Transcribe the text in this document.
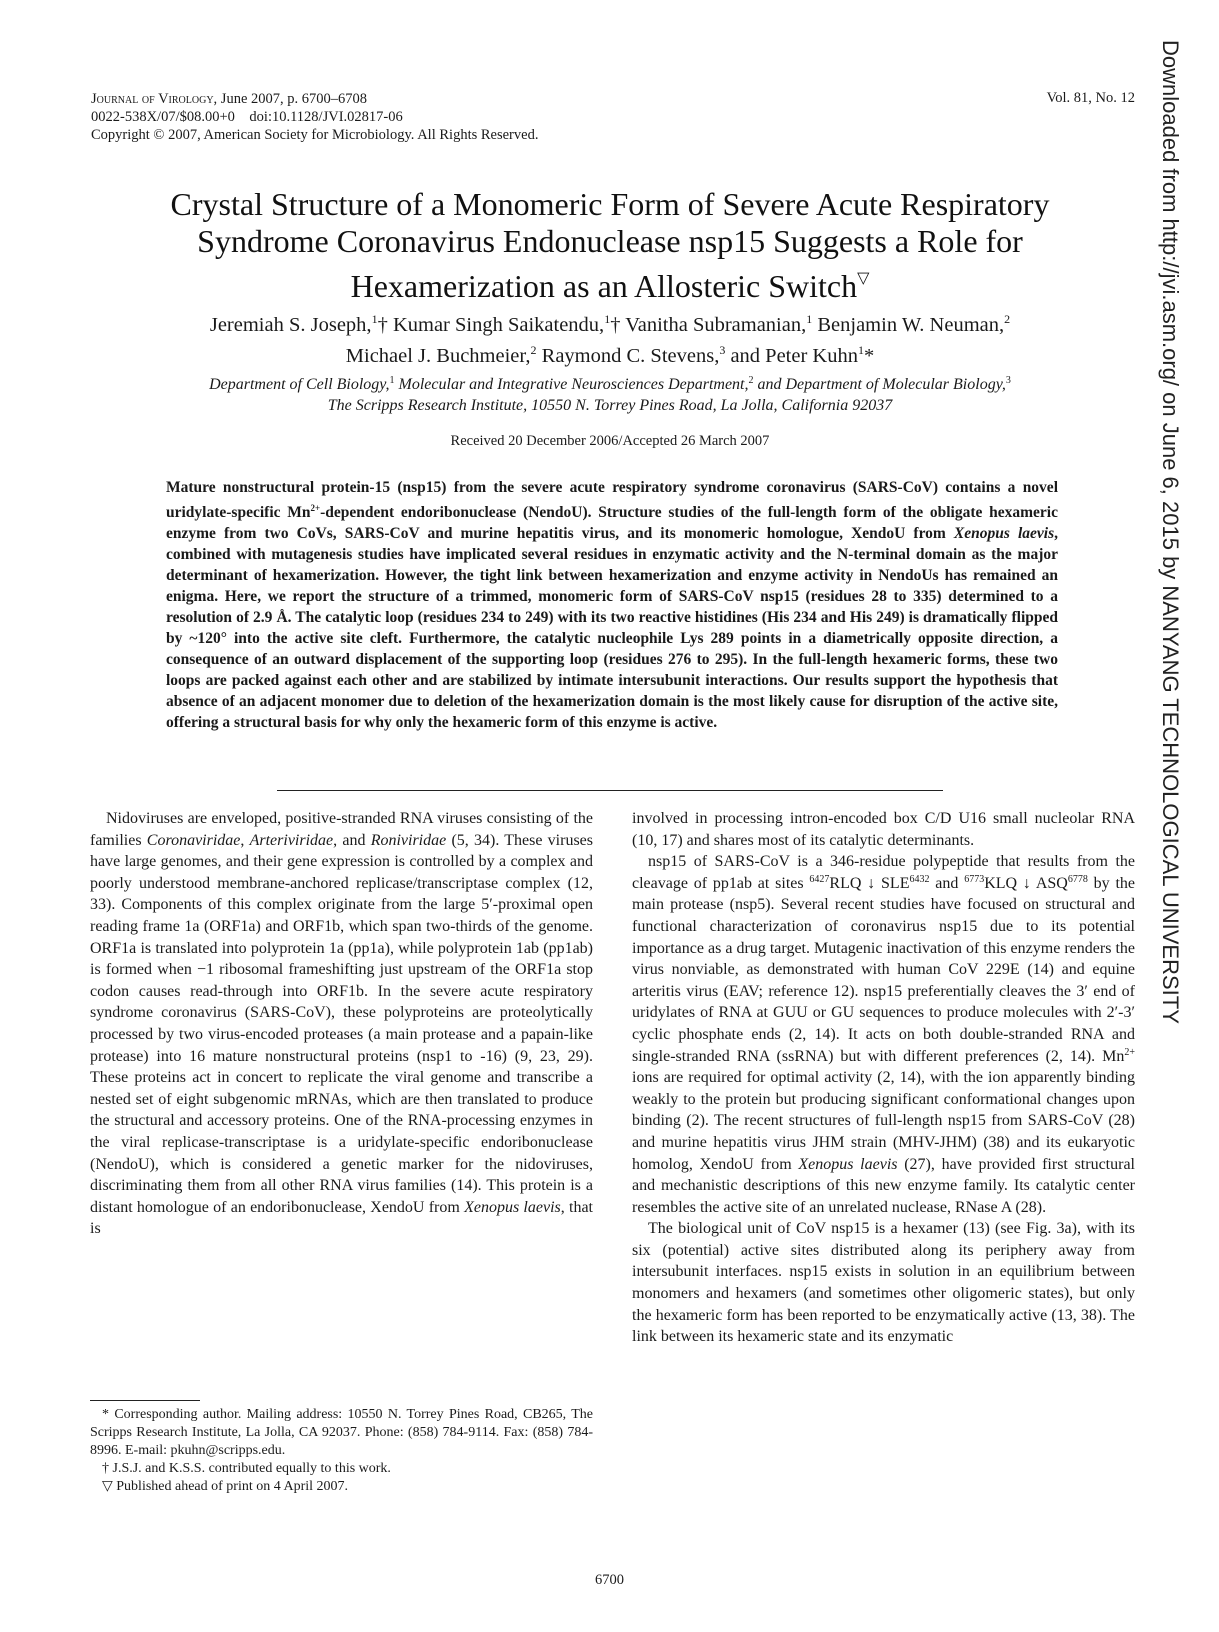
Journal of Virology, June 2007, p. 6700–6708
0022-538X/07/$08.00+0    doi:10.1128/JVI.02817-06
Copyright © 2007, American Society for Microbiology. All Rights Reserved.
Vol. 81, No. 12
Crystal Structure of a Monomeric Form of Severe Acute Respiratory
Syndrome Coronavirus Endonuclease nsp15 Suggests a Role for
Hexamerization as an Allosteric Switch▽
Jeremiah S. Joseph,$^1$† Kumar Singh Saikatendu,$^1$† Vanitha Subramanian,$^1$ Benjamin W. Neuman,$^2$
Michael J. Buchmeier,$^2$ Raymond C. Stevens,$^3$ and Peter Kuhn$^1$*
Department of Cell Biology,$^1$ Molecular and Integrative Neurosciences Department,$^2$ and Department of Molecular Biology,$^3$
The Scripps Research Institute, 10550 N. Torrey Pines Road, La Jolla, California 92037
Received 20 December 2006/Accepted 26 March 2007
Mature nonstructural protein-15 (nsp15) from the severe acute respiratory syndrome coronavirus (SARS-CoV) contains a novel uridylate-specific $Mn^{2+}$-dependent endoribonuclease (NendoU). Structure studies of the full-length form of the obligate hexameric enzyme from two CoVs, SARS-CoV and murine hepatitis virus, and its monomeric homologue, XendoU from Xenopus laevis, combined with mutagenesis studies have implicated several residues in enzymatic activity and the N-terminal domain as the major determinant of hexamerization. However, the tight link between hexamerization and enzyme activity in NendoUs has remained an enigma. Here, we report the structure of a trimmed, monomeric form of SARS-CoV nsp15 (residues 28 to 335) determined to a resolution of 2.9 Å. The catalytic loop (residues 234 to 249) with its two reactive histidines (His 234 and His 249) is dramatically flipped by ~120° into the active site cleft. Furthermore, the catalytic nucleophile Lys 289 points in a diametrically opposite direction, a consequence of an outward displacement of the supporting loop (residues 276 to 295). In the full-length hexameric forms, these two loops are packed against each other and are stabilized by intimate intersubunit interactions. Our results support the hypothesis that absence of an adjacent monomer due to deletion of the hexamerization domain is the most likely cause for disruption of the active site, offering a structural basis for why only the hexameric form of this enzyme is active.

Nidoviruses are enveloped, positive-stranded RNA viruses consisting of the families Coronaviridae, Arteriviridae, and Roniviridae (5, 34). These viruses have large genomes, and their gene expression is controlled by a complex and poorly understood membrane-anchored replicase/transcriptase complex (12, 33). Components of this complex originate from the large 5′-proximal open reading frame 1a (ORF1a) and ORF1b, which span two-thirds of the genome. ORF1a is translated into polyprotein 1a (pp1a), while polyprotein 1ab (pp1ab) is formed when −1 ribosomal frameshifting just upstream of the ORF1a stop codon causes read-through into ORF1b. In the severe acute respiratory syndrome coronavirus (SARS-CoV), these polyproteins are proteolytically processed by two virus-encoded proteases (a main protease and a papain-like protease) into 16 mature nonstructural proteins (nsp1 to -16) (9, 23, 29). These proteins act in concert to replicate the viral genome and transcribe a nested set of eight subgenomic mRNAs, which are then translated to produce the structural and accessory proteins. One of the RNA-processing enzymes in the viral replicase-transcriptase is a uridylate-specific endoribonuclease (NendoU), which is considered a genetic marker for the nidoviruses, discriminating them from all other RNA virus families (14). This protein is a distant homologue of an endoribonuclease, XendoU from Xenopus laevis, that is

* Corresponding author. Mailing address: 10550 N. Torrey Pines Road, CB265, The Scripps Research Institute, La Jolla, CA 92037. Phone: (858) 784-9114. Fax: (858) 784-8996. E-mail: pkuhn@scripps.edu.

† J.S.J. and K.S.S. contributed equally to this work.

▽ Published ahead of print on 4 April 2007.

involved in processing intron-encoded box C/D U16 small nucleolar RNA (10, 17) and shares most of its catalytic determinants.

nsp15 of SARS-CoV is a 346-residue polypeptide that results from the cleavage of pp1ab at sites $^{6427}$RLQ ↓ $SLE^{6432}$ and $^{6773}$KLQ ↓ $ASQ^{6778}$ by the main protease (nsp5). Several recent studies have focused on structural and functional characterization of coronavirus nsp15 due to its potential importance as a drug target. Mutagenic inactivation of this enzyme renders the virus nonviable, as demonstrated with human CoV 229E (14) and equine arteritis virus (EAV; reference 12). nsp15 preferentially cleaves the 3′ end of uridylates of RNA at GUU or GU sequences to produce molecules with 2′-3′ cyclic phosphate ends (2, 14). It acts on both double-stranded RNA and single-stranded RNA (ssRNA) but with different preferences (2, 14). $Mn^{2+}$ ions are required for optimal activity (2, 14), with the ion apparently binding weakly to the protein but producing significant conformational changes upon binding (2). The recent structures of full-length nsp15 from SARS-CoV (28) and murine hepatitis virus JHM strain (MHV-JHM) (38) and its eukaryotic homolog, XendoU from Xenopus laevis (27), have provided first structural and mechanistic descriptions of this new enzyme family. Its catalytic center resembles the active site of an unrelated nuclease, RNase A (28).

The biological unit of CoV nsp15 is a hexamer (13) (see Fig. 3a), with its six (potential) active sites distributed along its periphery away from intersubunit interfaces. nsp15 exists in solution in an equilibrium between monomers and hexamers (and sometimes other oligomeric states), but only the hexameric form has been reported to be enzymatically active (13, 38). The link between its hexameric state and its enzymatic

6700
Downloaded from http://jvi.asm.org/ on June 6, 2015 by NANYANG TECHNOLOGICAL UNIVERSITY
